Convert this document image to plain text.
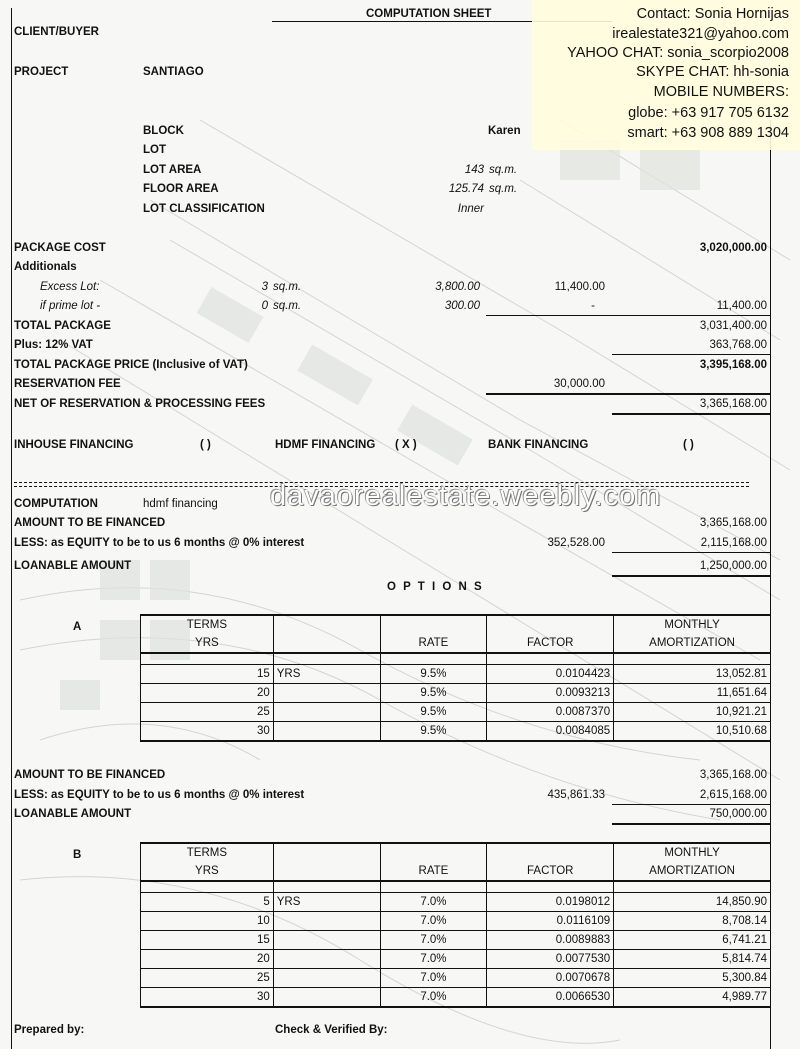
Contact: Sonia Hornijas
irealestate321@yahoo.com
YAHOO CHAT: sonia_scorpio2008
SKYPE CHAT: hh-sonia
MOBILE NUMBERS:
globe: +63 917 705 6132
smart: +63 908 889 1304
COMPUTATION SHEET
CLIENT/BUYER
PROJECT	SANTIAGO
BLOCK	Karen
LOT
LOT AREA	143 sq.m.
FLOOR AREA	125.74 sq.m.
LOT CLASSIFICATION	Inner
PACKAGE COST	3,020,000.00
Additionals
Excess Lot:	3 sq.m.	3,800.00	11,400.00
if prime lot -	0 sq.m.	300.00	-	11,400.00
TOTAL PACKAGE	3,031,400.00
Plus: 12% VAT	363,768.00
TOTAL PACKAGE PRICE (Inclusive of VAT)	3,395,168.00
RESERVATION FEE	30,000.00
NET OF RESERVATION & PROCESSING FEES	3,365,168.00
INHOUSE FINANCING	( )	HDMF FINANCING ( X )	BANK FINANCING	( )
davaorealestate.weebly.com
COMPUTATION	hdmf financing
AMOUNT TO BE FINANCED	3,365,168.00
LESS: as EQUITY to be to us 6 months @ 0% interest	352,528.00	2,115,168.00
LOANABLE AMOUNT	1,250,000.00
O P T I O N S
A	TERMS				MONTHLY
YRS		RATE	FACTOR	AMORTIZATION

15	YRS	9.5%	0.0104423	13,052.81
20		9.5%	0.0093213	11,651.64
25		9.5%	0.0087370	10,921.21
30		9.5%	0.0084085	10,510.68
AMOUNT TO BE FINANCED	3,365,168.00
LESS: as EQUITY to be to us 6 months @ 0% interest	435,861.33	2,615,168.00
LOANABLE AMOUNT	750,000.00
B	TERMS				MONTHLY
YRS		RATE	FACTOR	AMORTIZATION

5	YRS	7.0%	0.0198012	14,850.90
10		7.0%	0.0116109	8,708.14
15		7.0%	0.0089883	6,741.21
20		7.0%	0.0077530	5,814.74
25		7.0%	0.0070678	5,300.84
30		7.0%	0.0066530	4,989.77
Prepared by:	Check & Verified By:
